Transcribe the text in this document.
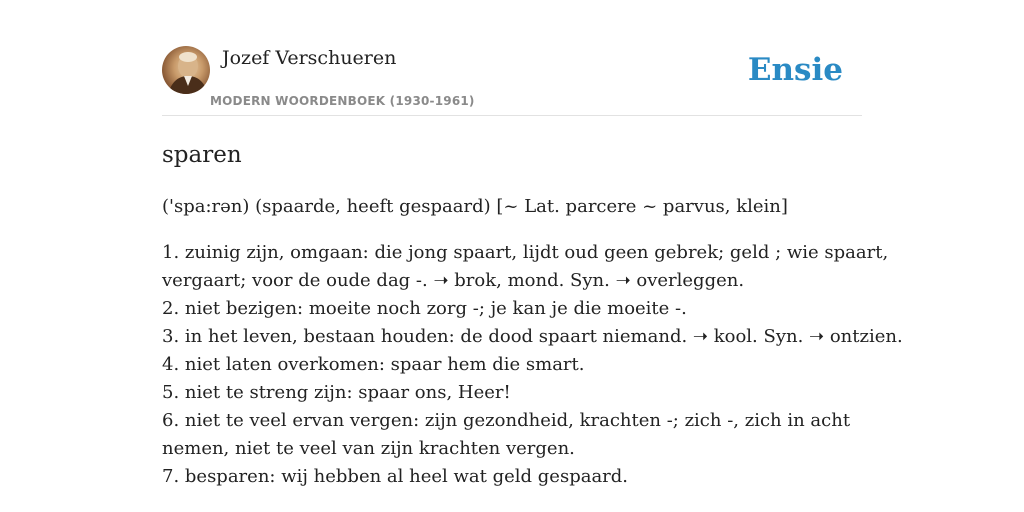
Jozef Verschueren
MODERN WOORDENBOEK (1930-1961)
Ensie
sparen
('spa:rən) (spaarde, heeft gespaard) [~ Lat. parcere ~ parvus, klein]
1. zuinig zijn, omgaan: die jong spaart, lijdt oud geen gebrek; geld ; wie spaart,
vergaart; voor de oude dag -. ➝ brok, mond. Syn. ➝ overleggen.
2. niet bezigen: moeite noch zorg -; je kan je die moeite -.
3. in het leven, bestaan houden: de dood spaart niemand. ➝ kool. Syn. ➝ ontzien.
4. niet laten overkomen: spaar hem die smart.
5. niet te streng zijn: spaar ons, Heer!
6. niet te veel ervan vergen: zijn gezondheid, krachten -; zich -, zich in acht
nemen, niet te veel van zijn krachten vergen.
7. besparen: wij hebben al heel wat geld gespaard.
